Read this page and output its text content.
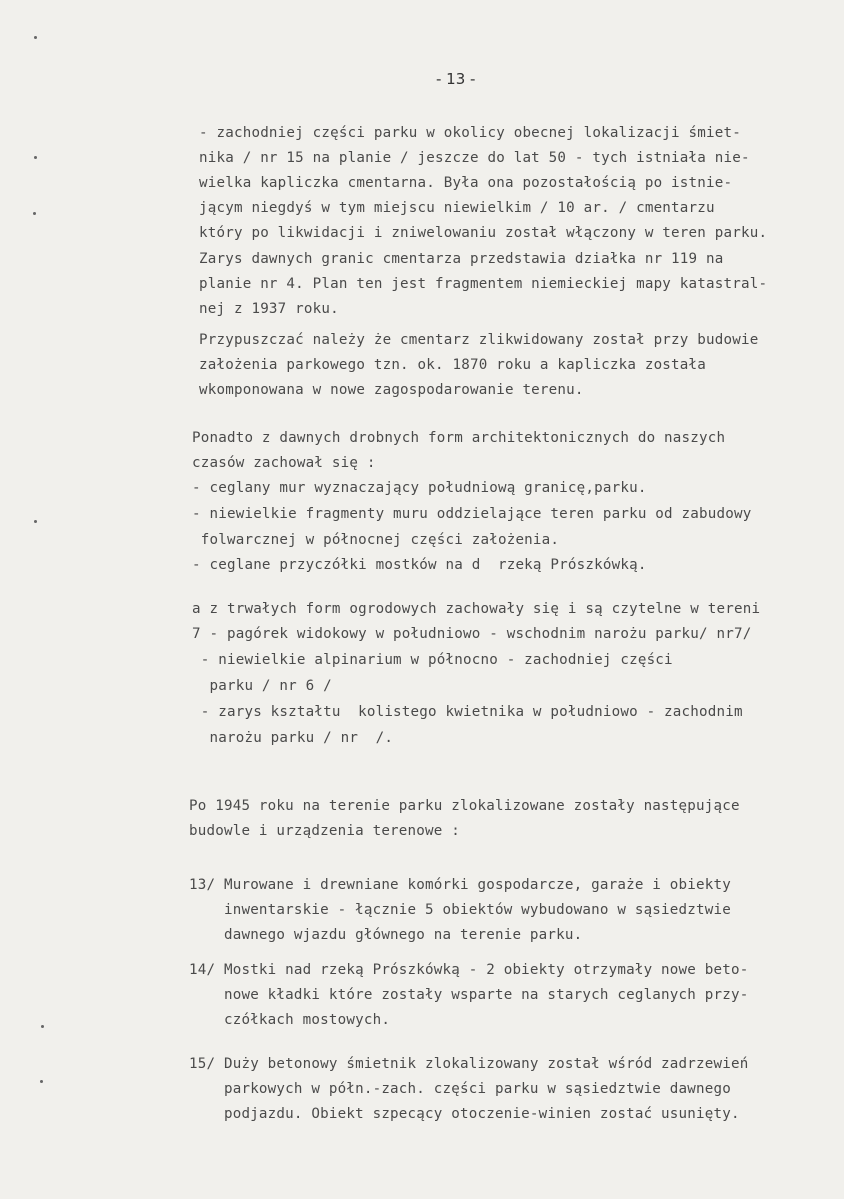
- 13 -
- zachodniej części parku w okolicy obecnej lokalizacji śmiet-
nika / nr 15 na planie / jeszcze do lat 50 - tych istniała nie-
wielka kapliczka cmentarna. Była ona pozostałością po istnie-
jącym niegdyś w tym miejscu niewielkim / 10 ar. / cmentarzu
który po likwidacji i zniwelowaniu został włączony w teren parku.
Zarys dawnych granic cmentarza przedstawia działka nr 119 na
planie nr 4. Plan ten jest fragmentem niemieckiej mapy katastral-
nej z 1937 roku.
Przypuszczać należy że cmentarz zlikwidowany został przy budowie
założenia parkowego tzn. ok. 1870 roku a kapliczka została
wkomponowana w nowe zagospodarowanie terenu.
Ponadto z dawnych drobnych form architektonicznych do naszych
czasów zachował się :
- ceglany mur wyznaczający południową granicę,parku.
- niewielkie fragmenty muru oddzielające teren parku od zabudowy
folwarcznej w północnej części założenia.
- ceglane przyczółki mostków na d  rzeką Prószkówką.
a z trwałych form ogrodowych zachowały się i są czytelne w tereni
7 - pagórek widokowy w południowo - wschodnim narożu parku/ nr7/
- niewielkie alpinarium w północno - zachodniej części
parku / nr 6 /
- zarys kształtu  kolistego kwietnika w południowo - zachodnim
narożu parku / nr  /.
Po 1945 roku na terenie parku zlokalizowane zostały następujące
budowle i urządzenia terenowe :
13/ Murowane i drewniane komórki gospodarcze, garaże i obiekty
inwentarskie - łącznie 5 obiektów wybudowano w sąsiedztwie
dawnego wjazdu głównego na terenie parku.
14/ Mostki nad rzeką Prószkówką - 2 obiekty otrzymały nowe beto-
nowe kładki które zostały wsparte na starych ceglanych przy-
czółkach mostowych.
15/ Duży betonowy śmietnik zlokalizowany został wśród zadrzewień
parkowych w półn.-zach. części parku w sąsiedztwie dawnego
podjazdu. Obiekt szpecący otoczenie-winien zostać usunięty.
